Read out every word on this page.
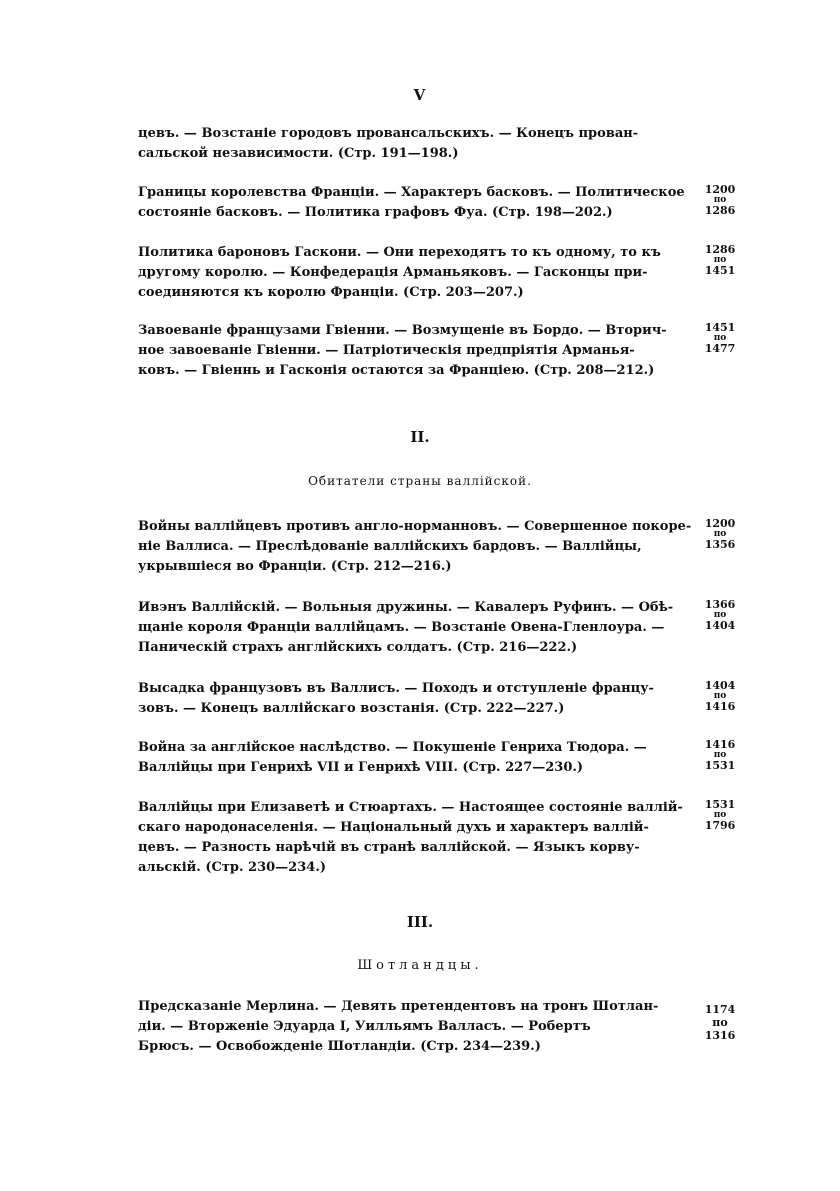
V
цевъ. — Возстаніе городовъ провансальскихъ. — Конецъ прован-
сальской независимости. (Стр. 191—198.)
Границы королевства Франціи. — Характеръ басковъ. — Политическое
состояніе басковъ. — Политика графовъ Фуа. (Стр. 198—202.)
1200
по
1286
Политика бароновъ Гаскони. — Они переходятъ то къ одному, то къ
другому королю. — Конфедерація Арманьяковъ. — Гасконцы при-
соединяются къ королю Франціи. (Стр. 203—207.)
1286
по
1451
Завоеваніе французами Гвіенни. — Возмущеніе въ Бордо. — Вторич-
ное завоеваніе Гвіенни. — Патріотическія предпріятія Арманья-
ковъ. — Гвіеннь и Гасконія остаются за Франціею. (Стр. 208—212.)
1451
по
1477
II.
Обитатели страны валлійской.
Войны валлійцевъ противъ англо-норманновъ. — Совершенное покоре-
ніе Валлиса. — Преслѣдованіе валлійскихъ бардовъ. — Валлійцы,
укрывшіеся во Франціи. (Стр. 212—216.)
1200
по
1356
Ивэнъ Валлійскій. — Вольныя дружины. — Кавалеръ Руфинъ. — Обѣ-
щаніе короля Франціи валлійцамъ. — Возстаніе Овена-Гленлоура. —
Паническій страхъ англійскихъ солдатъ. (Стр. 216—222.)
1366
по
1404
Высадка французовъ въ Валлисъ. — Походъ и отступленіе францу-
зовъ. — Конецъ валлійскаго возстанія. (Стр. 222—227.)
1404
по
1416
Война за англійское наслѣдство. — Покушеніе Генриха Тюдора. —
Валлійцы при Генрихѣ VII и Генрихѣ VIII. (Стр. 227—230.)
1416
по
1531
Валлійцы при Елизаветѣ и Стюартахъ. — Настоящее состояніе валлій-
скаго народонаселенія. — Національный духъ и характеръ валлій-
цевъ. — Разность нарѣчій въ странѣ валлійской. — Языкъ корву-
альскій. (Стр. 230—234.)
1531
по
1796
III.
Шотландцы.
Предсказаніе Мерлина. — Девять претендентовъ на тронъ Шотлан-
діи. — Вторженіе Эдуарда I, Уилльямъ Валласъ. — Робертъ
Брюсъ. — Освобожденіе Шотландіи. (Стр. 234—239.)
1174
по
1316
